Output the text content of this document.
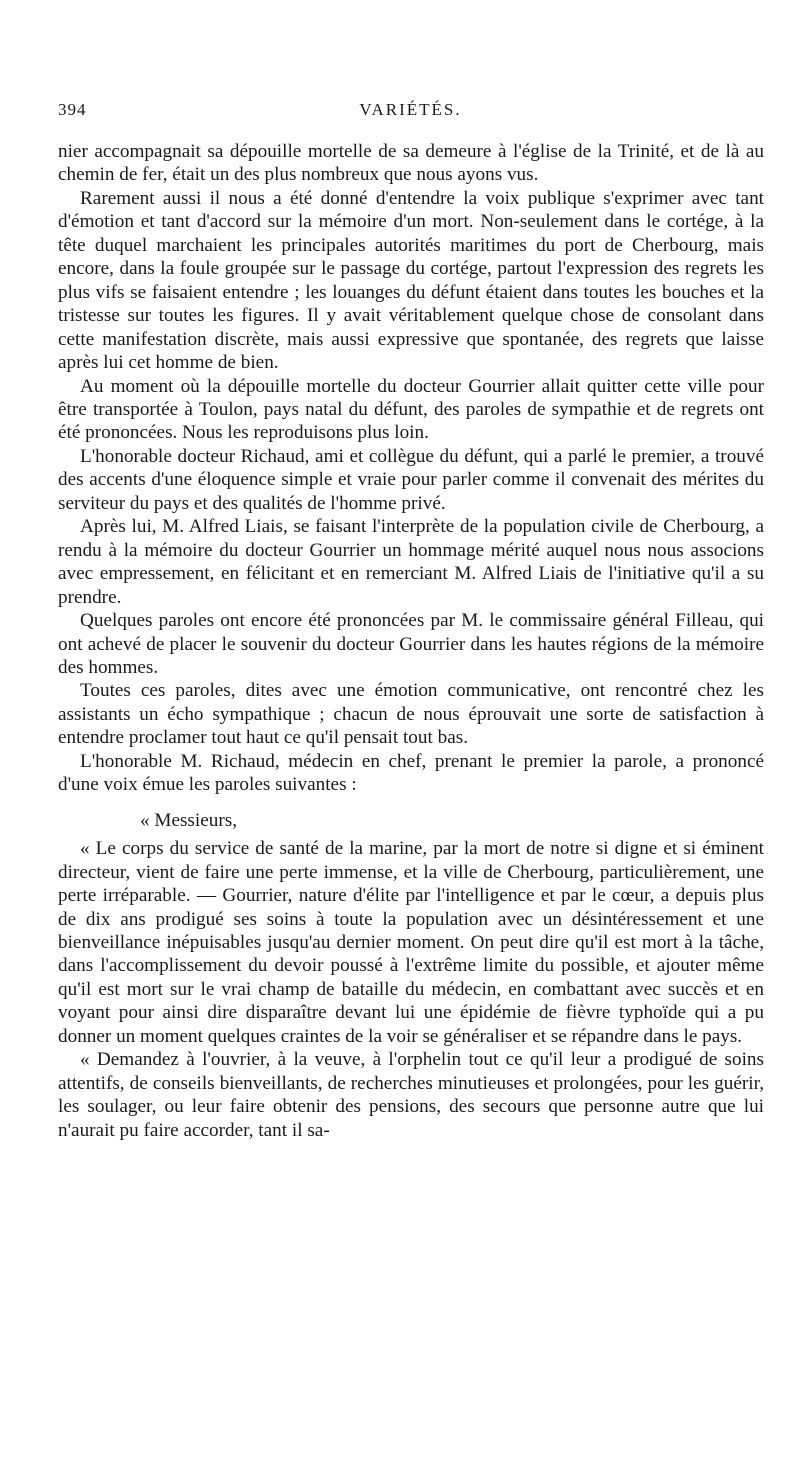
394	VARIÉTÉS.

nier accompagnait sa dépouille mortelle de sa demeure à l'église de la Trinité, et de là au chemin de fer, était un des plus nombreux que nous ayons vus.

Rarement aussi il nous a été donné d'entendre la voix publique s'exprimer avec tant d'émotion et tant d'accord sur la mémoire d'un mort. Non-seulement dans le cortége, à la tête duquel marchaient les principales autorités maritimes du port de Cherbourg, mais encore, dans la foule groupée sur le passage du cortége, partout l'expression des regrets les plus vifs se faisaient entendre ; les louanges du défunt étaient dans toutes les bouches et la tristesse sur toutes les figures. Il y avait véritablement quelque chose de consolant dans cette manifestation discrète, mais aussi expressive que spontanée, des regrets que laisse après lui cet homme de bien.

Au moment où la dépouille mortelle du docteur Gourrier allait quitter cette ville pour être transportée à Toulon, pays natal du défunt, des paroles de sympathie et de regrets ont été prononcées. Nous les reproduisons plus loin.

L'honorable docteur Richaud, ami et collègue du défunt, qui a parlé le premier, a trouvé des accents d'une éloquence simple et vraie pour parler comme il convenait des mérites du serviteur du pays et des qualités de l'homme privé.

Après lui, M. Alfred Liais, se faisant l'interprète de la population civile de Cherbourg, a rendu à la mémoire du docteur Gourrier un hommage mérité auquel nous nous associons avec empressement, en félicitant et en remerciant M. Alfred Liais de l'initiative qu'il a su prendre.

Quelques paroles ont encore été prononcées par M. le commissaire général Filleau, qui ont achevé de placer le souvenir du docteur Gourrier dans les hautes régions de la mémoire des hommes.

Toutes ces paroles, dites avec une émotion communicative, ont rencontré chez les assistants un écho sympathique ; chacun de nous éprouvait une sorte de satisfaction à entendre proclamer tout haut ce qu'il pensait tout bas.

L'honorable M. Richaud, médecin en chef, prenant le premier la parole, a prononcé d'une voix émue les paroles suivantes :

« Messieurs,

« Le corps du service de santé de la marine, par la mort de notre si digne et si éminent directeur, vient de faire une perte immense, et la ville de Cherbourg, particulièrement, une perte irréparable. — Gourrier, nature d'élite par l'intelligence et par le cœur, a depuis plus de dix ans prodigué ses soins à toute la population avec un désintéressement et une bienveillance inépuisables jusqu'au dernier moment. On peut dire qu'il est mort à la tâche, dans l'accomplissement du devoir poussé à l'extrême limite du possible, et ajouter même qu'il est mort sur le vrai champ de bataille du médecin, en combattant avec succès et en voyant pour ainsi dire disparaître devant lui une épidémie de fièvre typhoïde qui a pu donner un moment quelques craintes de la voir se généraliser et se répandre dans le pays.

« Demandez à l'ouvrier, à la veuve, à l'orphelin tout ce qu'il leur a prodigué de soins attentifs, de conseils bienveillants, de recherches minutieuses et prolongées, pour les guérir, les soulager, ou leur faire obtenir des pensions, des secours que personne autre que lui n'aurait pu faire accorder, tant il sa-
